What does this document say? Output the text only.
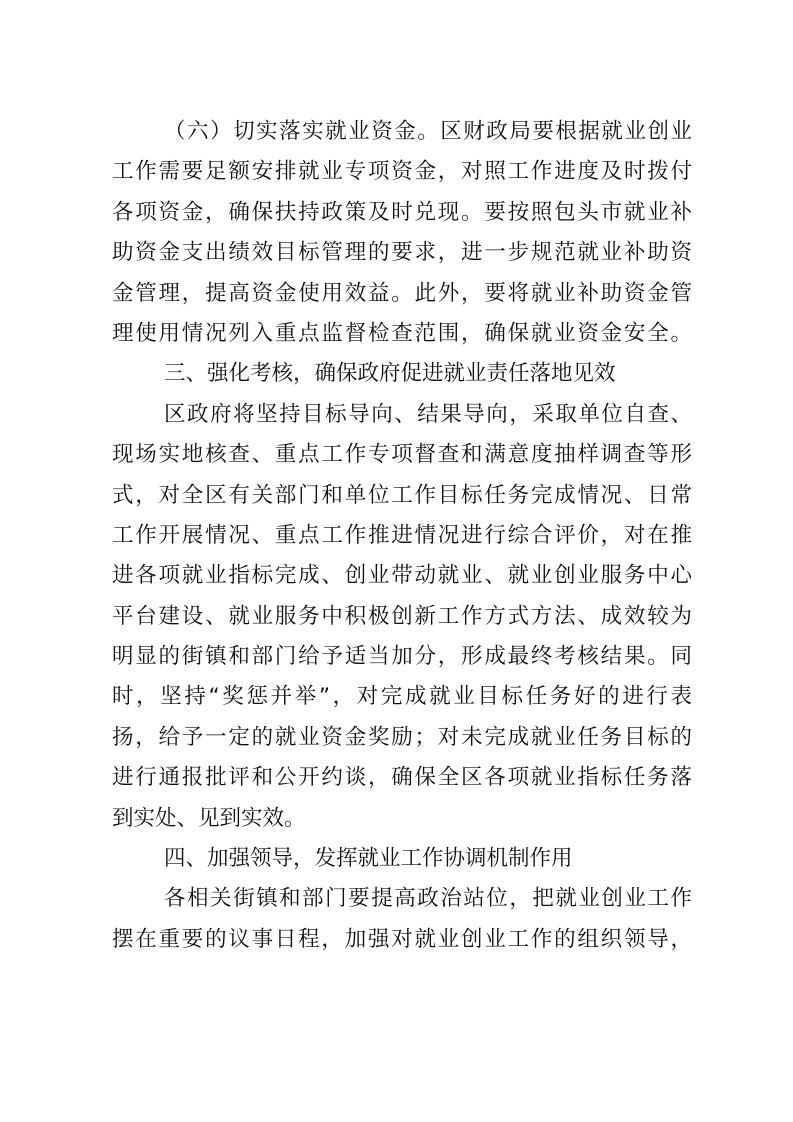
（六）切实落实就业资金。区财政局要根据就业创业
工作需要足额安排就业专项资金，对照工作进度及时拨付
各项资金，确保扶持政策及时兑现。要按照包头市就业补
助资金支出绩效目标管理的要求，进一步规范就业补助资
金管理，提高资金使用效益。此外，要将就业补助资金管
理使用情况列入重点监督检查范围，确保就业资金安全。
三、强化考核，确保政府促进就业责任落地见效
区政府将坚持目标导向、结果导向，采取单位自查、
现场实地核查、重点工作专项督查和满意度抽样调查等形
式，对全区有关部门和单位工作目标任务完成情况、日常
工作开展情况、重点工作推进情况进行综合评价，对在推
进各项就业指标完成、创业带动就业、就业创业服务中心
平台建设、就业服务中积极创新工作方式方法、成效较为
明显的街镇和部门给予适当加分，形成最终考核结果。同
时，坚持“奖惩并举”，对完成就业目标任务好的进行表
扬，给予一定的就业资金奖励；对未完成就业任务目标的
进行通报批评和公开约谈，确保全区各项就业指标任务落
到实处、见到实效。
四、加强领导，发挥就业工作协调机制作用
各相关街镇和部门要提高政治站位，把就业创业工作
摆在重要的议事日程，加强对就业创业工作的组织领导，
